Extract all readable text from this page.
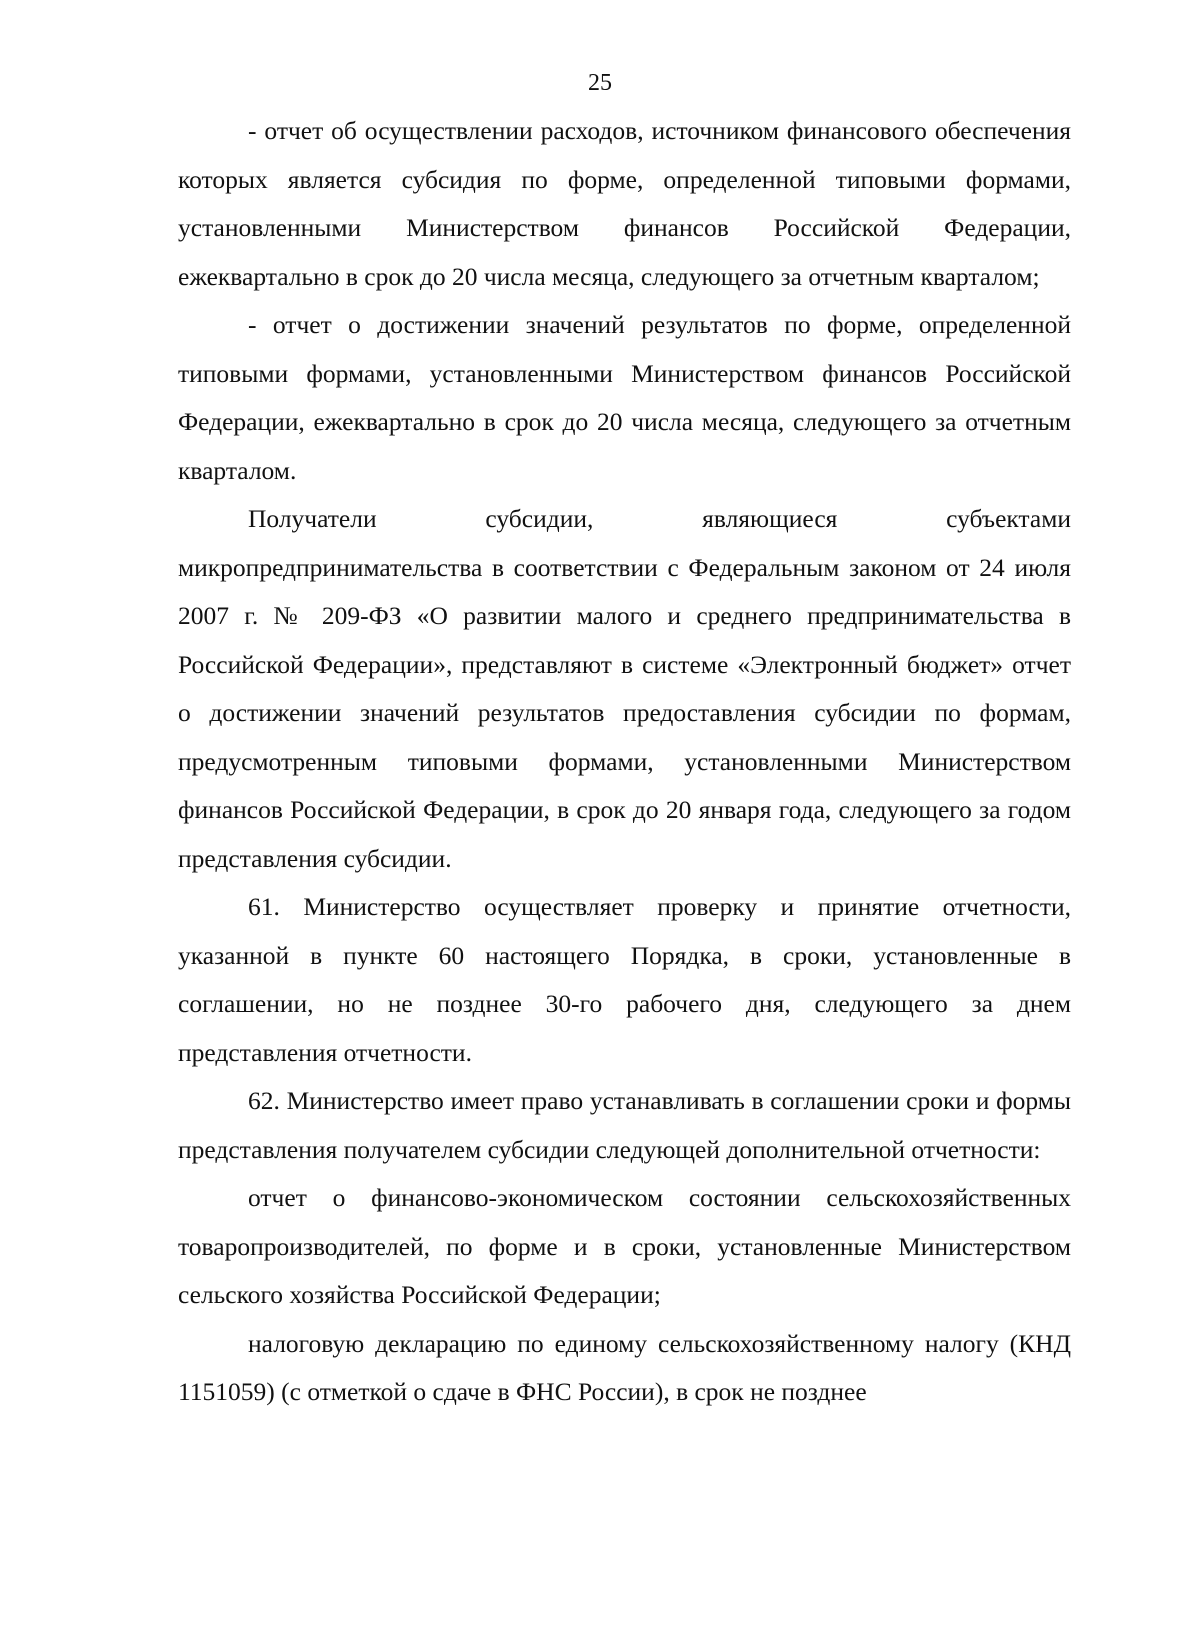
25

- отчет об осуществлении расходов, источником финансового обеспечения которых является субсидия по форме, определенной типовыми формами, установленными Министерством финансов Российской Федерации, ежеквартально в срок до 20 числа месяца, следующего за отчетным кварталом;

- отчет о достижении значений результатов по форме, определенной типовыми формами, установленными Министерством финансов Российской Федерации, ежеквартально в срок до 20 числа месяца, следующего за отчетным кварталом.

Получатели субсидии, являющиеся субъектами микропредпринимательства в соответствии с Федеральным законом от 24 июля 2007 г. № 209-ФЗ «О развитии малого и среднего предпринимательства в Российской Федерации», представляют в системе «Электронный бюджет» отчет о достижении значений результатов предоставления субсидии по формам, предусмотренным типовыми формами, установленными Министерством финансов Российской Федерации, в срок до 20 января года, следующего за годом представления субсидии.

61. Министерство осуществляет проверку и принятие отчетности, указанной в пункте 60 настоящего Порядка, в сроки, установленные в соглашении, но не позднее 30-го рабочего дня, следующего за днем представления отчетности.

62. Министерство имеет право устанавливать в соглашении сроки и формы представления получателем субсидии следующей дополнительной отчетности:

отчет о финансово-экономическом состоянии сельскохозяйственных товаропроизводителей, по форме и в сроки, установленные Министерством сельского хозяйства Российской Федерации;

налоговую декларацию по единому сельскохозяйственному налогу (КНД 1151059) (с отметкой о сдаче в ФНС России), в срок не позднее
